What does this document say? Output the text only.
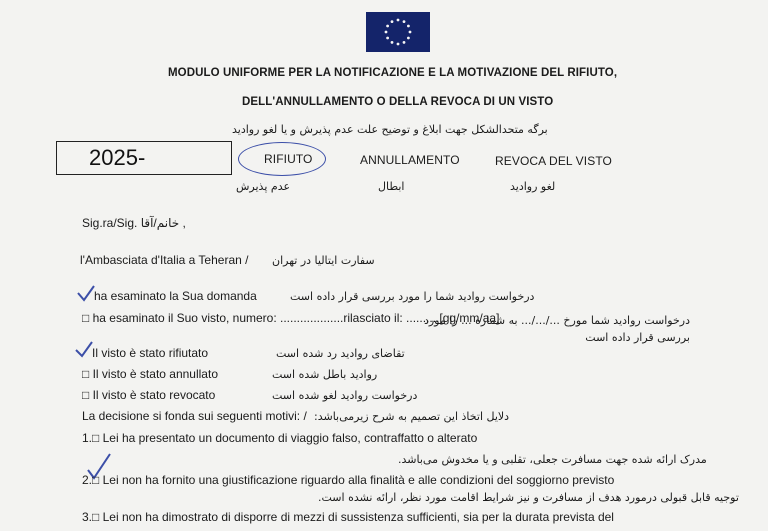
MODULO UNIFORME PER LA NOTIFICAZIONE E LA MOTIVAZIONE DEL RIFIUTO,
DELL'ANNULLAMENTO O DELLA REVOCA DI UN VISTO
برگه متحدالشکل جهت ابلاغ و توضیح علت عدم پذیرش و یا لغو روادید
2025-	RIFIUTO	ANNULLAMENTO	REVOCA DEL VISTO
عدم پذیرش	ابطال	لغو روادید
Sig.ra/Sig. خانم/آقا ,
l'Ambasciata d'Italia a Teheran / سفارت ایتالیا در تهران
ha esaminato la Sua domanda	درخواست روادید شما را مورد بررسی قرار داده است
□ ha esaminato il Suo visto, numero: ...................rilasciato il: ..........[gg/mm/aa]
درخواست روادید شما مورخ .../.../... به شماره ... را مورد بررسی قرار داده است
Il visto è stato rifiutato	تقاضای روادید رد شده است
□ Il visto è stato annullato	روادید باطل شده است
□ Il visto è stato revocato	درخواست روادید لغو شده است
La decisione si fonda sui seguenti motivi: / دلایل اتخاذ این تصمیم به شرح زیرمی‌باشد:
1.□ Lei ha presentato un documento di viaggio falso, contraffatto o alterato
مدرک ارائه شده جهت مسافرت جعلی، تقلبی و یا مخدوش می‌باشد.
2.□ Lei non ha fornito una giustificazione riguardo alla finalità e alle condizioni del soggiorno previsto
توجیه قابل قبولی درمورد هدف از مسافرت و نیز شرایط اقامت مورد نظر، ارائه نشده است.
3.□ Lei non ha dimostrato di disporre di mezzi di sussistenza sufficienti, sia per la durata prevista del
